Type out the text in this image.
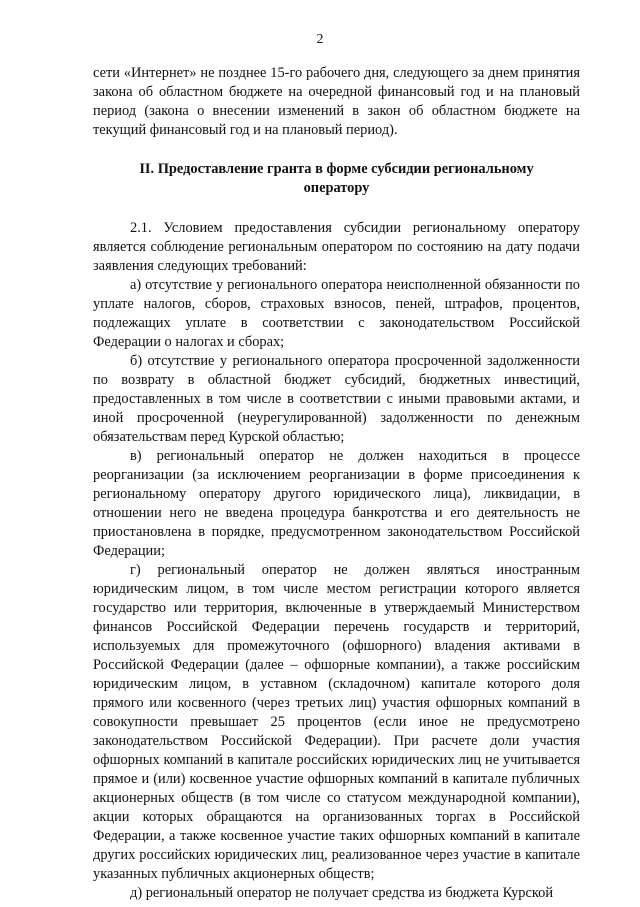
2

сети «Интернет» не позднее 15-го рабочего дня, следующего за днем принятия закона об областном бюджете на очередной финансовый год и на плановый период (закона о внесении изменений в закон об областном бюджете на текущий финансовый год и на плановый период).

II. Предоставление гранта в форме субсидии региональному оператору

2.1. Условием предоставления субсидии региональному оператору является соблюдение региональным оператором по состоянию на дату подачи заявления следующих требований:

а) отсутствие у регионального оператора неисполненной обязанности по уплате налогов, сборов, страховых взносов, пеней, штрафов, процентов, подлежащих уплате в соответствии с законодательством Российской Федерации о налогах и сборах;

б) отсутствие у регионального оператора просроченной задолженности по возврату в областной бюджет субсидий, бюджетных инвестиций, предоставленных в том числе в соответствии с иными правовыми актами, и иной просроченной (неурегулированной) задолженности по денежным обязательствам перед Курской областью;

в) региональный оператор не должен находиться в процессе реорганизации (за исключением реорганизации в форме присоединения к региональному оператору другого юридического лица), ликвидации, в отношении него не введена процедура банкротства и его деятельность не приостановлена в порядке, предусмотренном законодательством Российской Федерации;

г) региональный оператор не должен являться иностранным юридическим лицом, в том числе местом регистрации которого является государство или территория, включенные в утверждаемый Министерством финансов Российской Федерации перечень государств и территорий, используемых для промежуточного (офшорного) владения активами в Российской Федерации (далее – офшорные компании), а также российским юридическим лицом, в уставном (складочном) капитале которого доля прямого или косвенного (через третьих лиц) участия офшорных компаний в совокупности превышает 25 процентов (если иное не предусмотрено законодательством Российской Федерации). При расчете доли участия офшорных компаний в капитале российских юридических лиц не учитывается прямое и (или) косвенное участие офшорных компаний в капитале публичных акционерных обществ (в том числе со статусом международной компании), акции которых обращаются на организованных торгах в Российской Федерации, а также косвенное участие таких офшорных компаний в капитале других российских юридических лиц, реализованное через участие в капитале указанных публичных акционерных обществ;

д) региональный оператор не получает средства из бюджета Курской
